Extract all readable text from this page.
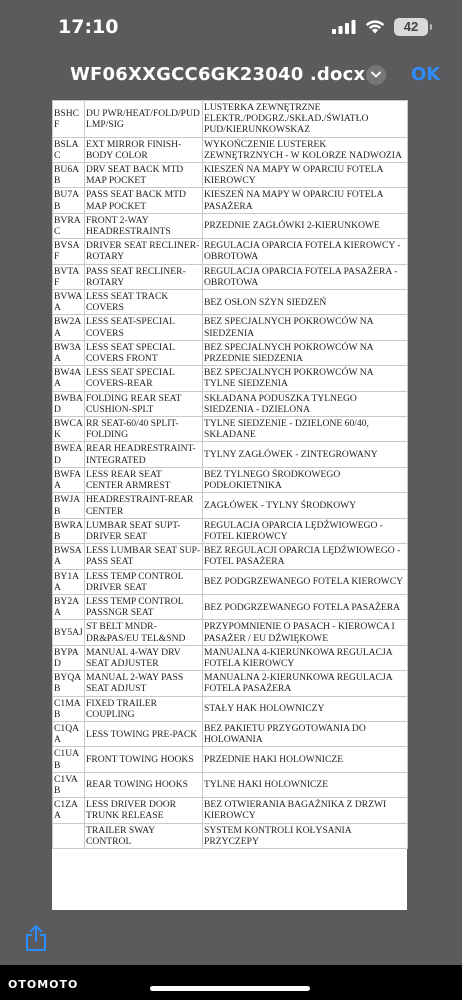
17:10	42
WF06XXGCC6GK23040 .docx	OK
BSHCF	DU PWR/HEAT/FOLD/PUD LMP/SIG	LUSTERKA ZEWNĘTRZNE ELEKTR./PODGRZ./SKŁAD./ŚWIATŁO PUD/KIERUNKOWSKAZ
BSLAC	EXT MIRROR FINISH-BODY COLOR	WYKOŃCZENIE LUSTEREK ZEWNĘTRZNYCH - W KOLORZE NADWOZIA
BU6AB	DRV SEAT BACK MTD MAP POCKET	KIESZEŃ NA MAPY W OPARCIU FOTELA KIEROWCY
BU7AB	PASS SEAT BACK MTD MAP POCKET	KIESZEŃ NA MAPY W OPARCIU FOTELA PASAŻERA
BVRAC	FRONT 2-WAY HEADRESTRAINTS	PRZEDNIE ZAGŁÓWKI 2-KIERUNKOWE
BVSAF	DRIVER SEAT RECLINER-ROTARY	REGULACJA OPARCIA FOTELA KIEROWCY - OBROTOWA
BVTAF	PASS SEAT RECLINER-ROTARY	REGULACJA OPARCIA FOTELA PASAŻERA - OBROTOWA
BVWAA	LESS SEAT TRACK COVERS	BEZ OSŁON SZYN SIEDZEŃ
BW2AA	LESS SEAT-SPECIAL COVERS	BEZ SPECJALNYCH POKROWCÓW NA SIEDZENIA
BW3AA	LESS SEAT SPECIAL COVERS FRONT	BEZ SPECJALNYCH POKROWCÓW NA PRZEDNIE SIEDZENIA
BW4AA	LESS SEAT SPECIAL COVERS-REAR	BEZ SPECJALNYCH POKROWCÓW NA TYLNE SIEDZENIA
BWBAD	FOLDING REAR SEAT CUSHION-SPLT	SKŁADANA PODUSZKA TYLNEGO SIEDZENIA - DZIELONA
BWCAK	RR SEAT-60/40 SPLIT-FOLDING	TYLNE SIEDZENIE - DZIELONE 60/40, SKŁADANE
BWEAD	REAR HEADRESTRAINT-INTEGRATED	TYLNY ZAGŁÓWEK - ZINTEGROWANY
BWFAA	LESS REAR SEAT CENTER ARMREST	BEZ TYLNEGO ŚRODKOWEGO PODŁOKIETNIKA
BWJAB	HEADRESTRAINT-REAR CENTER	ZAGŁÓWEK - TYLNY ŚRODKOWY
BWRAB	LUMBAR SEAT SUPT-DRIVER SEAT	REGULACJA OPARCIA LĘDŹWIOWEGO - FOTEL KIEROWCY
BWSAA	LESS LUMBAR SEAT SUP-PASS SEAT	BEZ REGULACJI OPARCIA LĘDŹWIOWEGO - FOTEL PASAŻERA
BY1AA	LESS TEMP CONTROL DRIVER SEAT	BEZ PODGRZEWANEGO FOTELA KIEROWCY
BY2AA	LESS TEMP CONTROL PASSNGR SEAT	BEZ PODGRZEWANEGO FOTELA PASAŻERA
BY5AJ	ST BELT MNDR-DR&PAS/EU TEL&SND	PRZYPOMNIENIE O PASACH - KIEROWCA I PASAŻER / EU DŹWIĘKOWE
BYPAD	MANUAL 4-WAY DRV SEAT ADJUSTER	MANUALNA 4-KIERUNKOWA REGULACJA FOTELA KIEROWCY
BYQAB	MANUAL 2-WAY PASS SEAT ADJUST	MANUALNA 2-KIERUNKOWA REGULACJA FOTELA PASAŻERA
C1MAB	FIXED TRAILER COUPLING	STAŁY HAK HOLOWNICZY
C1QAA	LESS TOWING PRE-PACK	BEZ PAKIETU PRZYGOTOWANIA DO HOLOWANIA
C1UAB	FRONT TOWING HOOKS	PRZEDNIE HAKI HOLOWNICZE
C1VAB	REAR TOWING HOOKS	TYLNE HAKI HOLOWNICZE
C1ZAA	LESS DRIVER DOOR TRUNK RELEASE	BEZ OTWIERANIA BAGAŻNIKA Z DRZWI KIEROWCY
	TRAILER SWAY CONTROL	SYSTEM KONTROLI KOŁYSANIA PRZYCZEPY
OTOMOTO
